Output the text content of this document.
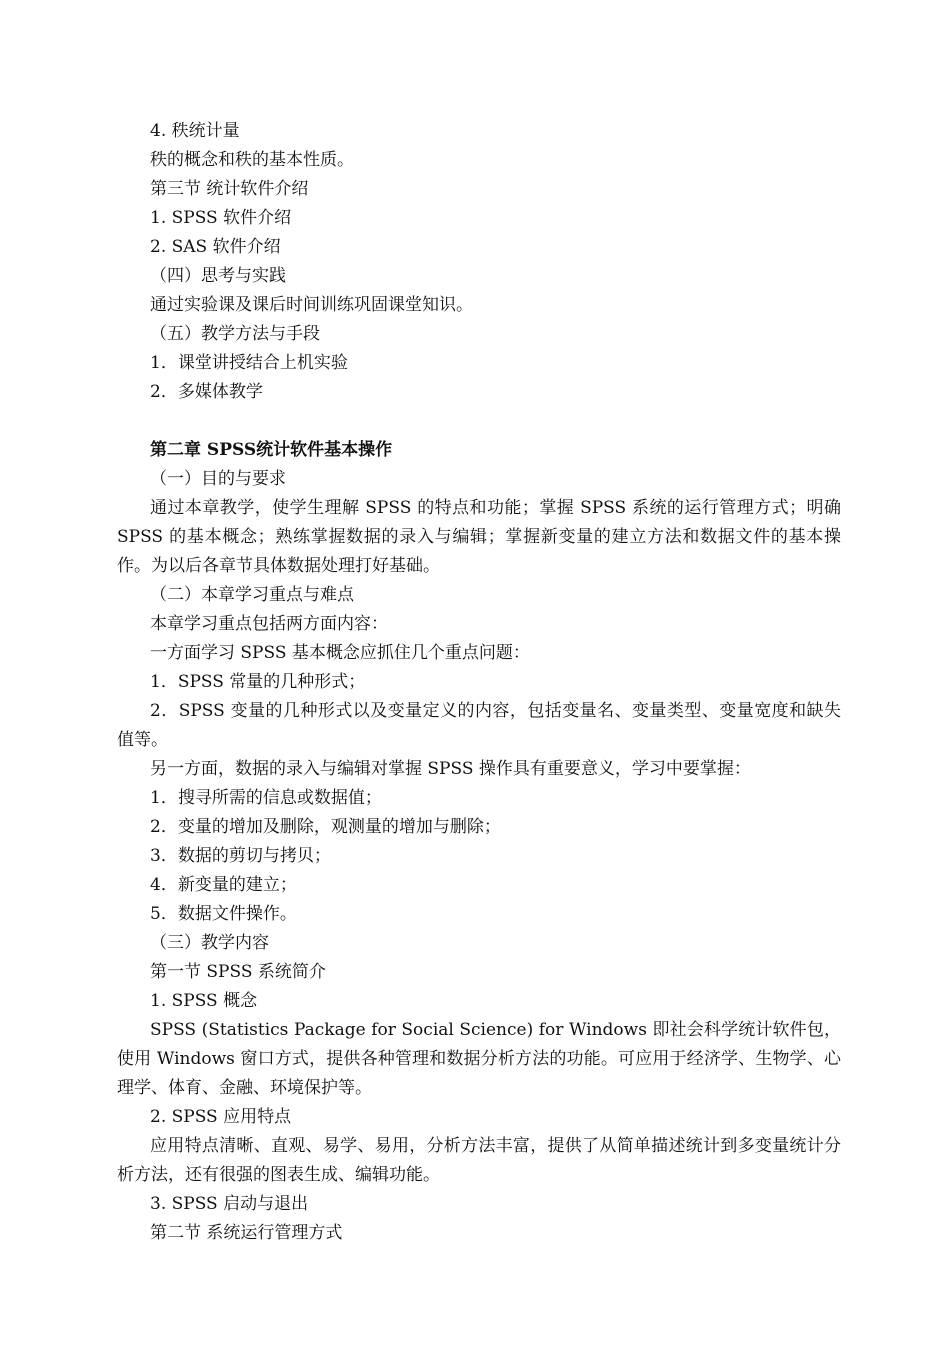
4. 秩统计量
秩的概念和秩的基本性质。
第三节 统计软件介绍
1. SPSS 软件介绍
2. SAS 软件介绍
（四）思考与实践
通过实验课及课后时间训练巩固课堂知识。
（五）教学方法与手段
1．课堂讲授结合上机实验
2．多媒体教学
第二章 SPSS统计软件基本操作
（一）目的与要求
通过本章教学，使学生理解 SPSS 的特点和功能；掌握 SPSS 系统的运行管理方式；明确 SPSS 的基本概念；熟练掌握数据的录入与编辑；掌握新变量的建立方法和数据文件的基本操作。为以后各章节具体数据处理打好基础。
（二）本章学习重点与难点
本章学习重点包括两方面内容：
一方面学习 SPSS 基本概念应抓住几个重点问题：
1．SPSS 常量的几种形式；
2．SPSS 变量的几种形式以及变量定义的内容，包括变量名、变量类型、变量宽度和缺失值等。
另一方面，数据的录入与编辑对掌握 SPSS 操作具有重要意义，学习中要掌握：
1．搜寻所需的信息或数据值；
2．变量的增加及删除，观测量的增加与删除；
3．数据的剪切与拷贝；
4．新变量的建立；
5．数据文件操作。
（三）教学内容
第一节 SPSS 系统简介
1. SPSS 概念
SPSS (Statistics Package for Social Science) for Windows 即社会科学统计软件包，使用 Windows 窗口方式，提供各种管理和数据分析方法的功能。可应用于经济学、生物学、心理学、体育、金融、环境保护等。
2. SPSS 应用特点
应用特点清晰、直观、易学、易用，分析方法丰富，提供了从简单描述统计到多变量统计分析方法，还有很强的图表生成、编辑功能。
3. SPSS 启动与退出
第二节 系统运行管理方式
